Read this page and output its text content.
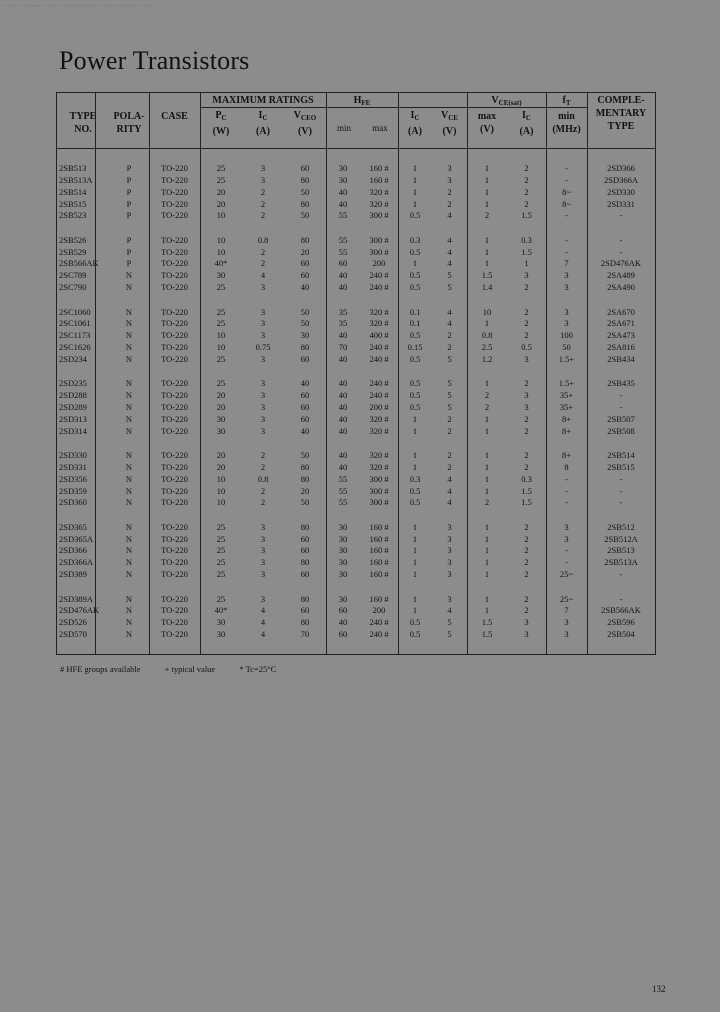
...... ........ ....... ...... ...... ....... ....... ......
Power Transistors
TYPE
NO.
POLA-
RITY
CASE
MAXIMUM RATINGS
$P_C$
(W)
$I_C$
(A)
$V_{CEO}$
(V)
$H_{FE}$
min	max
$I_C$
(A)
$V_{CE}$
(V)
$V_{CE(sat)}$
max
(V)
$I_C$
(A)
$f_T$
min
(MHz)
COMPLE-
MENTARY
TYPE
2SB513	P	TO-220	25	3	60	30	160 #	1	3	1	2	-	2SD366
2SB513A	P	TO-220	25	3	80	30	160 #	1	3	1	2	-	2SD366A
2SB514	P	TO-220	20	2	50	40	320 #	1	2	1	2	8~	2SD330
2SB515	P	TO-220	20	2	80	40	320 #	1	2	1	2	8~	2SD331
2SB523	P	TO-220	10	2	50	55	300 #	0.5	4	2	1.5	-	-
2SB526	P	TO-220	10	0.8	80	55	300 #	0.3	4	1	0.3	-	-
2SB529	P	TO-220	10	2	20	55	300 #	0.5	4	1	1.5	-	-
2SB566AK	P	TO-220	40*	2	60	60	200	1	4	1	1	7	2SD476AK
2SC789	N	TO-220	30	4	60	40	240 #	0.5	5	1.5	3	3	2SA489
2SC790	N	TO-220	25	3	40	40	240 #	0.5	5	1.4	2	3	2SA490
2SC1060	N	TO-220	25	3	50	35	320 #	0.1	4	10	2	3	2SA670
2SC1061	N	TO-220	25	3	50	35	320 #	0.1	4	1	2	3	2SA671
2SC1173	N	TO-220	10	3	30	40	400 #	0.5	2	0.8	2	100	2SA473
2SC1626	N	TO-220	10	0.75	80	70	240 #	0.15	2	2.5	0.5	50	2SA816
2SD234	N	TO-220	25	3	60	40	240 #	0.5	5	1.2	3	1.5+	2SB434
2SD235	N	TO-220	25	3	40	40	240 #	0.5	5	1	2	1.5+	2SB435
2SD288	N	TO-220	20	3	60	40	240 #	0.5	5	2	3	35+	-
2SD289	N	TO-220	20	3	60	40	200 #	0.5	5	2	3	35+	-
2SD313	N	TO-220	30	3	60	40	320 #	1	2	1	2	8+	2SB507
2SD314	N	TO-220	30	3	40	40	320 #	1	2	1	2	8+	2SB508
2SD330	N	TO-220	20	2	50	40	320 #	1	2	1	2	8+	2SB514
2SD331	N	TO-220	20	2	80	40	320 #	1	2	1	2	8	2SB515
2SD356	N	TO-220	10	0.8	80	55	300 #	0.3	4	1	0.3	-	-
2SD359	N	TO-220	10	2	20	55	300 #	0.5	4	1	1.5	-	-
2SD360	N	TO-220	10	2	50	55	300 #	0.5	4	2	1.5	-	-
2SD365	N	TO-220	25	3	80	30	160 #	1	3	1	2	3	2SB512
2SD365A	N	TO-220	25	3	60	30	160 #	1	3	1	2	3	2SB512A
2SD366	N	TO-220	25	3	60	30	160 #	1	3	1	2	-	2SB513
2SD366A	N	TO-220	25	3	80	30	160 #	1	3	1	2	-	2SB513A
2SD389	N	TO-220	25	3	60	30	160 #	1	3	1	2	25~	-
2SD389A	N	TO-220	25	3	80	30	160 #	1	3	1	2	25~	-
2SD476AK	N	TO-220	40*	4	60	60	200	1	4	1	2	7	2SB566AK
2SD526	N	TO-220	30	4	80	40	240 #	0.5	5	1.5	3	3	2SB596
2SD570	N	TO-220	30	4	70	60	240 #	0.5	5	1.5	3	3	2SB504
# HFE groups available	+ typical value	* Tc=25°C
132
